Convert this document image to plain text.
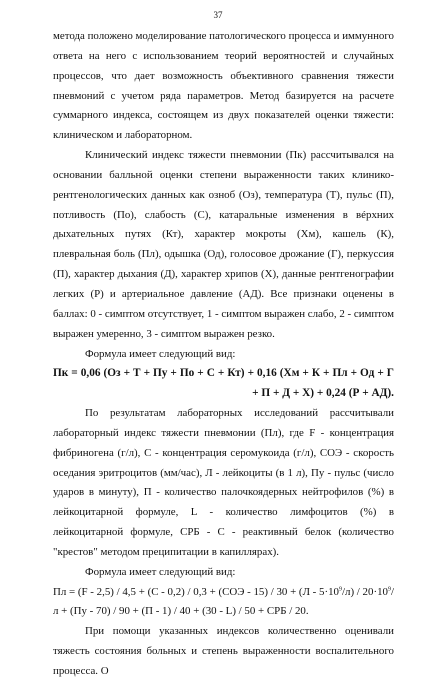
37

метода положено моделирование патологического процесса и иммунного ответа на него с использованием теорий вероятностей и случайных процессов, что дает возможность объективного сравнения тяжести пневмоний с учетом ряда параметров. Метод базируется на расчете суммарного индекса, состоящем из двух показателей оценки тяжести: клиническом и лабораторном.

Клинический индекс тяжести пневмонии (Пк) рассчитывался на основании балльной оценки степени выраженности таких клинико-рентгенологических данных как озноб (Оз), температура (Т), пульс (П), потливость (По), слабость (С), катаральные изменения в вéрхних дыхательных путях (Кт), характер мокроты (Хм), кашель (К), плевральная боль (Пл), одышка (Од), голосовое дрожание (Г), перкуссия (П), характер дыхания (Д), характер хрипов (Х), данные рентгенографии легких (Р) и артериальное давление (АД). Все признаки оценены в баллах: 0 - симптом отсутствует, 1 - симптом выражен слабо, 2 - симптом выражен умеренно, 3 - симптом выражен резко.

Формула имеет следующий вид:

Пк = 0,06 (Оз + Т + Пу + По + С + Кт) + 0,16 (Хм + К + Пл + Од + Г + П + Д + Х) + 0,24 (Р + АД).

По результатам лабораторных исследований рассчитывали лабораторный индекс тяжести пневмонии (Пл), где F - концентрация фибриногена (г/л), С - концентрация серомукоида (г/л), СОЭ - скорость оседания эритроцитов (мм/час), Л - лейкоциты (в 1 л), Пу - пульс (число ударов в минуту), П - количество палочкоядерных нейтрофилов (%) в лейкоцитарной формуле, L - количество лимфоцитов (%) в лейкоцитарной формуле, СРБ - С - реактивный белок (количество "крестов" методом преципитации в капиллярах).

Формула имеет следующий вид:

Пл = $(F - 2,5) / 4,5 + (С - 0,2) / 0,3 + (СОЭ - 15) / 30 + (Л - 5\cdot 10^9/л) / 20\cdot 10^9/л + (Пу - 70) / 90 + (П - 1) / 40 + (30 - L) / 50$ + СРБ / 20.

При помощи указанных индексов количественно оценивали тяжесть состояния больных и степень выраженности воспалительного процесса. О
